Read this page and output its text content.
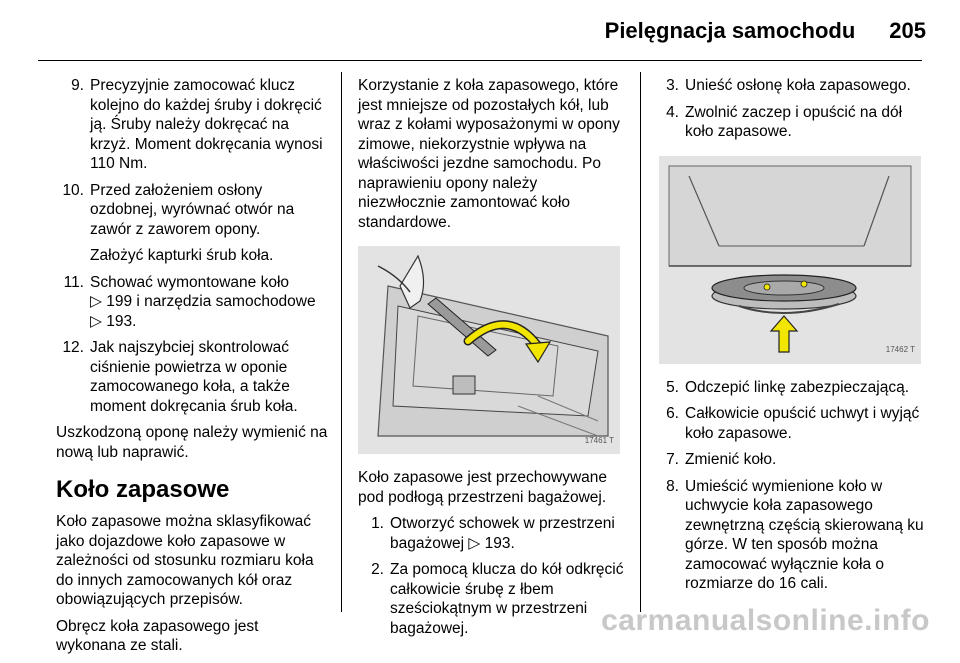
Pielęgnacja samochodu 205
9. Precyzyjnie zamocować klucz kolejno do każdej śruby i dokręcić ją. Śruby należy dokręcać na krzyż. Moment dokręcania wynosi 110 Nm.
10. Przed założeniem osłony ozdobnej, wyrównać otwór na zawór z zaworem opony.

Założyć kapturki śrub koła.

11. Schować wymontowane koło
▷ 199 i narzędzia samochodowe
▷ 193.
12. Jak najszybciej skontrolować ciśnienie powietrza w oponie zamocowanego koła, a także moment dokręcania śrub koła.

Uszkodzoną oponę należy wymienić na nową lub naprawić.

Koło zapasowe

Koło zapasowe można sklasyfikować jako dojazdowe koło zapasowe w zależności od stosunku rozmiaru koła do innych zamocowanych kół oraz obowiązujących przepisów.

Obręcz koła zapasowego jest wykonana ze stali.

Korzystanie z koła zapasowego, które jest mniejsze od pozostałych kół, lub wraz z kołami wyposażonymi w opony zimowe, niekorzystnie wpływa na właściwości jezdne samochodu. Po naprawieniu opony należy niezwłocznie zamontować koło standardowe.

17461 T

Koło zapasowe jest przechowywane pod podłogą przestrzeni bagażowej.

1. Otworzyć schowek w przestrzeni bagażowej ▷ 193.
2. Za pomocą klucza do kół odkręcić całkowicie śrubę z łbem sześciokątnym w przestrzeni bagażowej.
3. Unieść osłonę koła zapasowego.
4. Zwolnić zaczep i opuścić na dół koło zapasowe.
17462 T
5. Odczepić linkę zabezpieczającą.
6. Całkowicie opuścić uchwyt i wyjąć koło zapasowe.
7. Zmienić koło.
8. Umieścić wymienione koło w uchwycie koła zapasowego zewnętrzną częścią skierowaną ku górze. W ten sposób można zamocować wyłącznie koła o rozmiarze do 16 cali.
carmanualsonline.info
